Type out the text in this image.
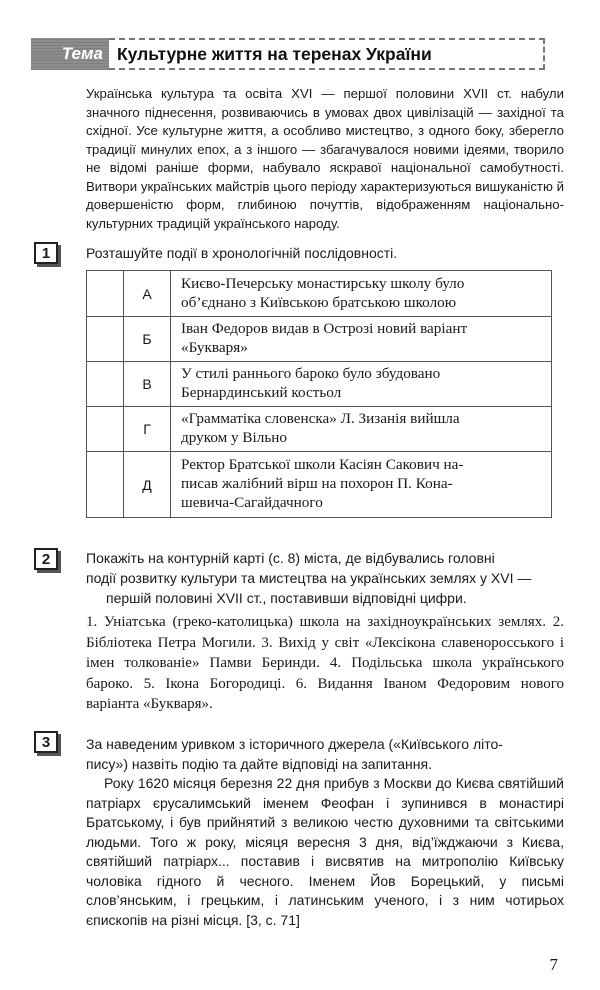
Тема Культурне життя на теренах України

Українська культура та освіта XVI — першої половини XVII ст. набули значного піднесення, розвиваючись в умовах двох цивілізацій — західної та східної. Усе культурне життя, а особливо мистецтво, з одного боку, зберегло традиції минулих епох, а з іншого — збагачувалося новими ідеями, творило не відомі раніше форми, набувало яскравої національної самобутності. Витвори українських майстрів цього періоду характеризуються вишуканістю й довершеністю форм, глибиною почуттів, відображенням національно-культурних традицій українського народу.

1	Розташуйте події в хронологічній послідовності.
	А	Києво-Печерську монастирську школу було
об’єднано з Київською братською школою

	Б	Іван Федоров видав в Острозі новий варіант
«Букваря»

	В	У стилі раннього бароко було збудовано
Бернардинський костьол

	Г	«Грамматіка словенска» Л. Зизанія вийшла
друком у Вільно

	Д	Ректор Братської школи Касіян Сакович на-
писав жалібний вірш на похорон П. Кона-
шевича-Сагайдачного
2	Покажіть на контурній карті (с. 8) міста, де відбувались головні
події розвитку культури та мистецтва на українських землях у XVI —
першій половині XVII ст., поставивши відповідні цифри.
1. Уніатська (греко-католицька) школа на західноукраїнських землях. 2. Бібліотека Петра Могили. 3. Вихід у світ «Лексікона славеноросського і імен толкованіе» Памви Беринди. 4. Подільська школа українського бароко. 5. Ікона Богородиці. 6. Видання Іваном Федоровим нового варіанта «Букваря».
3	За наведеним уривком з історичного джерела («Київського літо-

пису») назвіть подію та дайте відповіді на запитання.

Року 1620 місяця березня 22 дня прибув з Москви до Києва святійший патріарх єрусалимський іменем Феофан і зупинився в монастирі Братському, і був прийнятий з великою честю духовними та світськими людьми. Того ж року, місяця вересня 3 дня, від’їжджаючи з Києва, святійший патріарх... поставив і висвятив на митрополію Київську чоловіка гідного й чесного. Іменем Йов Борецький, у письмі слов’янським, і грецьким, і латинським ученого, і з ним чотирьох єпископів на різні місця. [3, с. 71]

7
